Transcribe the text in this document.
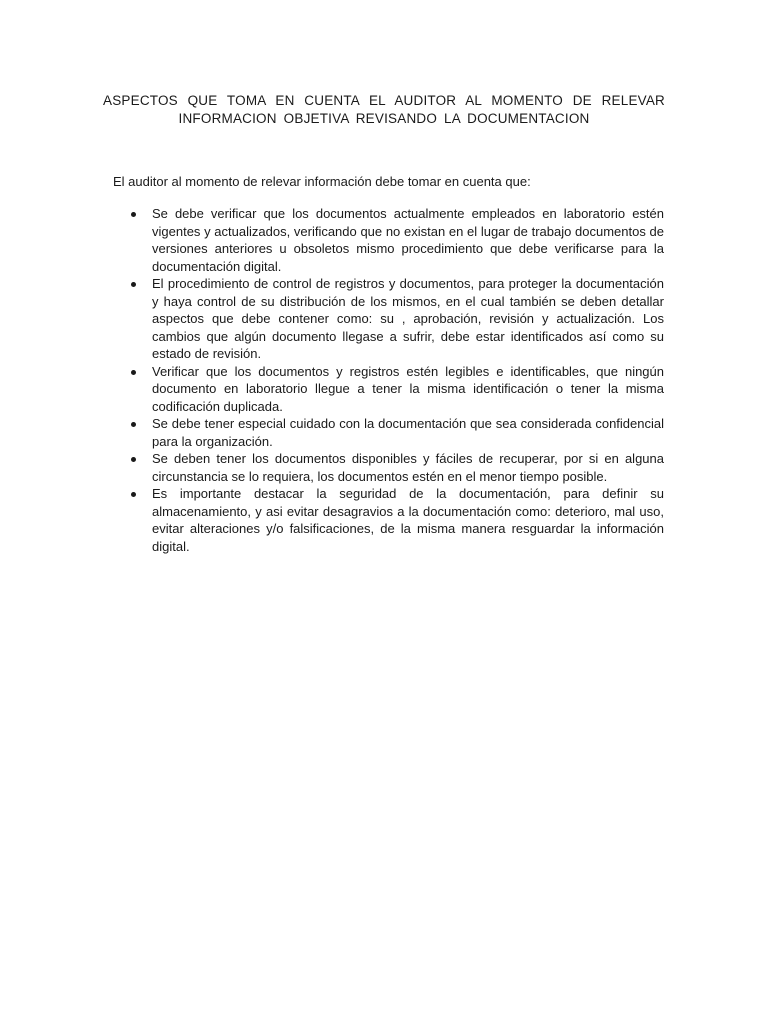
ASPECTOS QUE TOMA EN CUENTA EL AUDITOR AL MOMENTO DE RELEVAR INFORMACION OBJETIVA REVISANDO LA DOCUMENTACION

El auditor al momento de relevar información debe tomar en cuenta que:

Se debe verificar que los documentos actualmente empleados en laboratorio estén vigentes y actualizados, verificando que no existan en el lugar de trabajo documentos de versiones anteriores u obsoletos mismo procedimiento que debe verificarse para la documentación digital.
El procedimiento de control de registros y documentos, para proteger la documentación y haya control de su distribución de los mismos, en el cual también se deben detallar aspectos que debe contener como: su , aprobación, revisión y actualización. Los cambios que algún documento llegase a sufrir, debe estar identificados así como su estado de revisión.
Verificar que los documentos y registros estén legibles e identificables, que ningún documento en laboratorio llegue a tener la misma identificación o tener la misma codificación duplicada.
Se debe tener especial cuidado con la documentación que sea considerada confidencial para la organización.
Se deben tener los documentos disponibles y fáciles de recuperar, por si en alguna circunstancia se lo requiera, los documentos estén en el menor tiempo posible.
Es importante destacar la seguridad de la documentación, para definir su almacenamiento, y asi evitar desagravios a la documentación como: deterioro, mal uso, evitar alteraciones y/o falsificaciones, de la misma manera resguardar la información digital.
